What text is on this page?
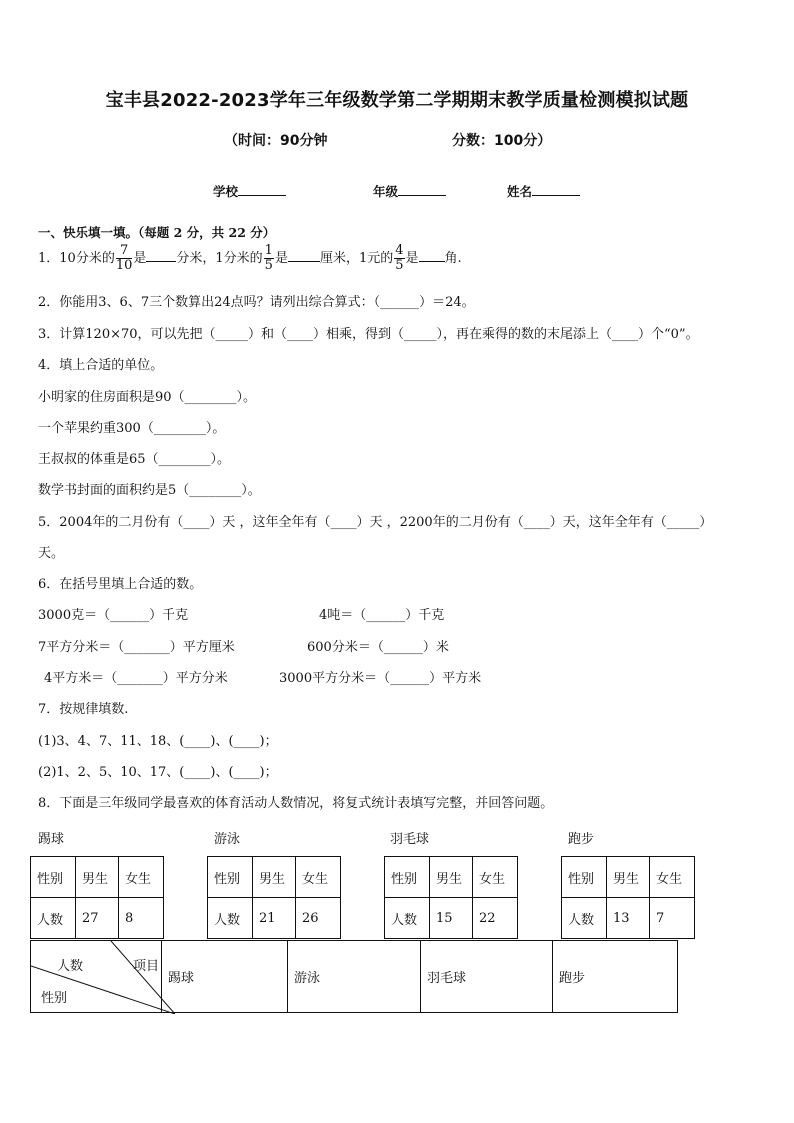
宝丰县2022-2023学年三年级数学第二学期期末教学质量检测模拟试题
（时间：90分钟	分数：100分）
学校	年级	姓名
一、快乐填一填。（每题 2 分，共 22 分）
1．10分米的 $\frac{7}{10}$ 是 分米，1分米的 $\frac{1}{5}$ 是 厘米，1元的 $\frac{4}{5}$ 是 角.
2．你能用3、6、7三个数算出24点吗？请列出综合算式：（______）＝24。
3．计算120×70，可以先把（_____）和（____）相乘，得到（_____），再在乘得的数的末尾添上（____）个“0”。
4．填上合适的单位。
小明家的住房面积是90（________）。
一个苹果约重300（________）。
王叔叔的体重是65（________）。
数学书封面的面积约是5（________）。
5．2004年的二月份有（____）天 ，这年全年有（____）天 ，2200年的二月份有（____）天，这年全年有（_____）
天。
6．在括号里填上合适的数。
3000克＝（______）千克	4吨＝（______）千克
7平方分米＝（_______）平方厘米	600分米＝（______）米
4平方米＝（_______）平方分米	3000平方分米＝（______）平方米
7．按规律填数.
(1)3、4、7、11、18、(____)、(____)；
(2)1、2、5、10、17、(____)、(____)；
8．下面是三年级同学最喜欢的体育活动人数情况，将复式统计表填写完整，并回答问题。
踢球	游泳	羽毛球	跑步
性别	男生	女生
人数	27	8
性别	男生	女生
人数	21	26
性别	男生	女生
人数	15	22
性别	男生	女生
人数	13	7
人数	项目
性别
	踢球	游泳	羽毛球	跑步
